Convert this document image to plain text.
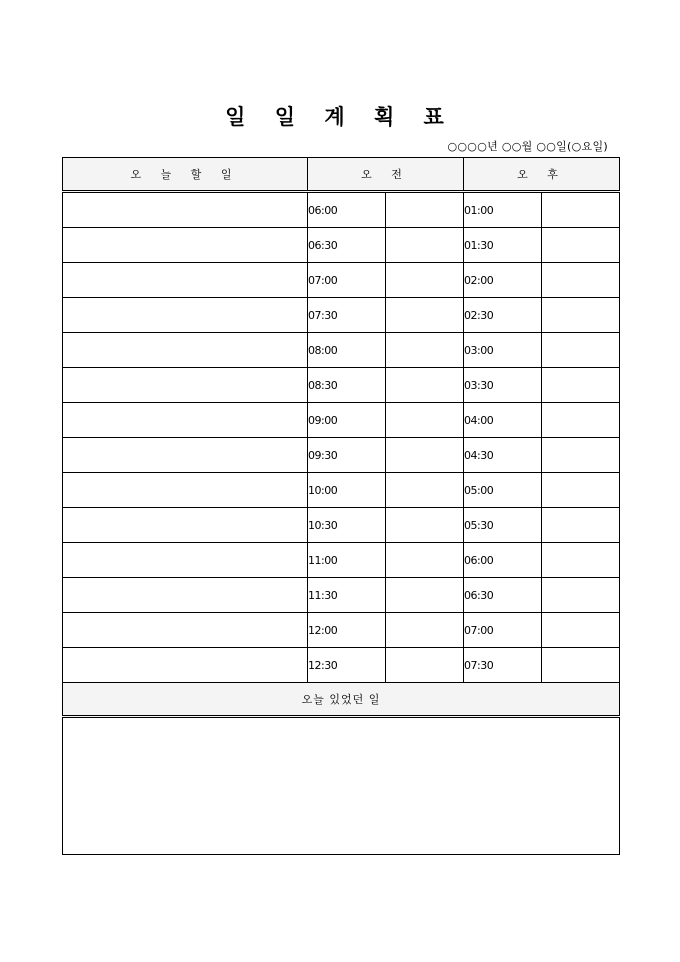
일 일 계 획 표
○○○○년 ○○월 ○○일(○요일)
오 늘 할 일	오 전		오 후	
	06:00		01:00	
	06:30		01:30	
	07:00		02:00	
	07:30		02:30	
	08:00		03:00	
	08:30		03:30	
	09:00		04:00	
	09:30		04:30	
	10:00		05:00	
	10:30		05:30	
	11:00		06:00	
	11:30		06:30	
	12:00		07:00	
	12:30		07:30	
오늘 있었던 일				
